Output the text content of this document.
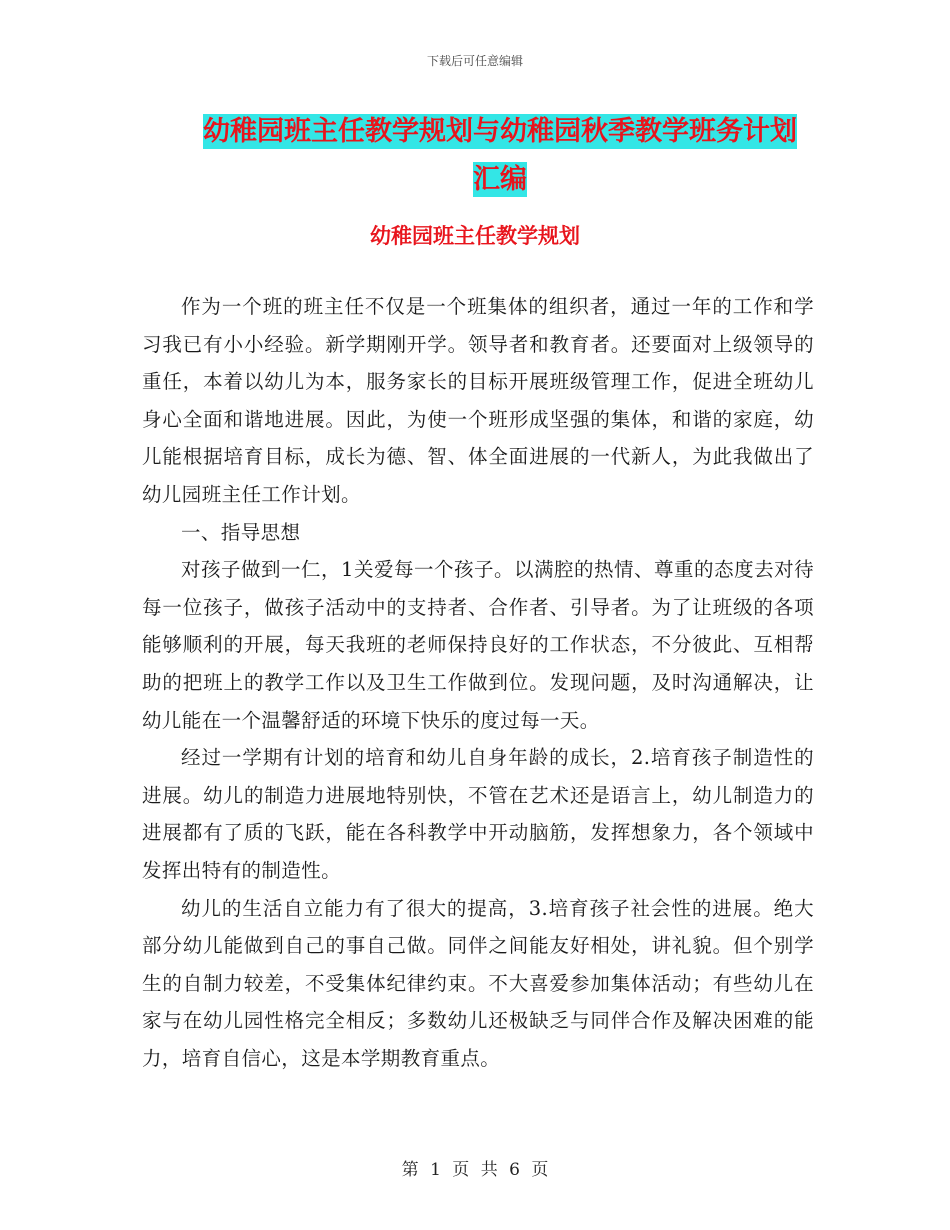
下载后可任意编辑
幼稚园班主任教学规划与幼稚园秋季教学班务计划汇编
幼稚园班主任教学规划

作为一个班的班主任不仅是一个班集体的组织者，通过一年的工作和学习我已有小小经验。新学期刚开学。领导者和教育者。还要面对上级领导的重任，本着以幼儿为本，服务家长的目标开展班级管理工作，促进全班幼儿身心全面和谐地进展。因此，为使一个班形成坚强的集体，和谐的家庭，幼儿能根据培育目标，成长为德、智、体全面进展的一代新人，为此我做出了幼儿园班主任工作计划。

一、指导思想

对孩子做到一仁，1关爱每一个孩子。以满腔的热情、尊重的态度去对待每一位孩子，做孩子活动中的支持者、合作者、引导者。为了让班级的各项能够顺利的开展，每天我班的老师保持良好的工作状态，不分彼此、互相帮助的把班上的教学工作以及卫生工作做到位。发现问题，及时沟通解决，让幼儿能在一个温馨舒适的环境下快乐的度过每一天。

经过一学期有计划的培育和幼儿自身年龄的成长，2.培育孩子制造性的进展。幼儿的制造力进展地特别快，不管在艺术还是语言上，幼儿制造力的进展都有了质的飞跃，能在各科教学中开动脑筋，发挥想象力，各个领域中发挥出特有的制造性。

幼儿的生活自立能力有了很大的提高，3.培育孩子社会性的进展。绝大部分幼儿能做到自己的事自己做。同伴之间能友好相处，讲礼貌。但个别学生的自制力较差，不受集体纪律约束。不大喜爱参加集体活动；有些幼儿在家与在幼儿园性格完全相反；多数幼儿还极缺乏与同伴合作及解决困难的能力，培育自信心，这是本学期教育重点。

第 1 页 共 6 页
